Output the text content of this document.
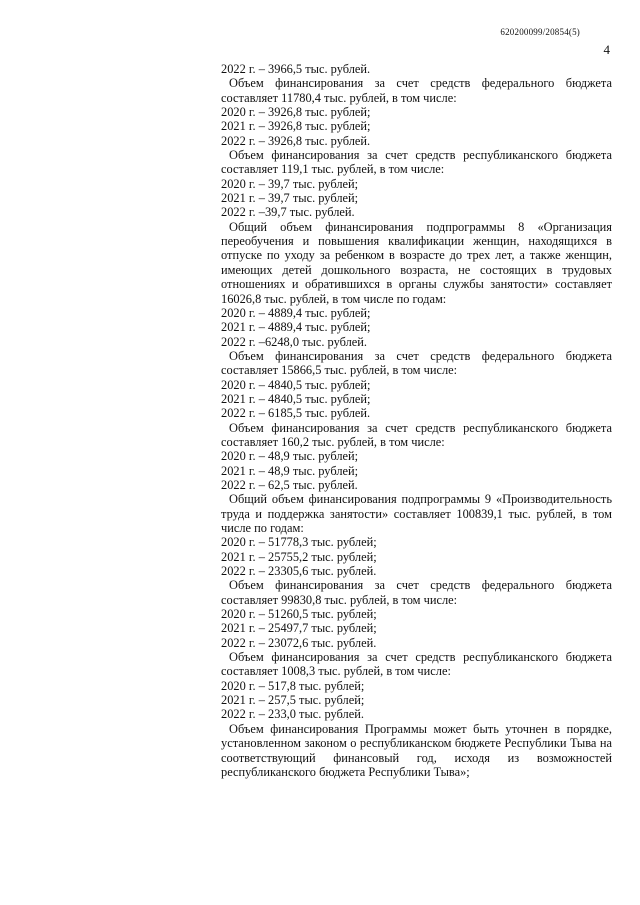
620200099/20854(5)
4

2022 г. – 3966,5 тыс. рублей.

Объем финансирования за счет средств федерального бюджета составляет 11780,4 тыс. рублей, в том числе:

2020 г. – 3926,8 тыс. рублей;

2021 г. – 3926,8 тыс. рублей;

2022 г. – 3926,8 тыс. рублей.

Объем финансирования за счет средств республиканского бюджета составляет 119,1 тыс. рублей, в том числе:

2020 г. – 39,7 тыс. рублей;

2021 г. – 39,7 тыс. рублей;

2022 г. –39,7 тыс. рублей.

Общий объем финансирования подпрограммы 8 «Организация переобучения и повышения квалификации женщин, находящихся в отпуске по уходу за ребенком в возрасте до трех лет, а также женщин, имеющих детей дошкольного возраста, не состоящих в трудовых отношениях и обратившихся в органы службы занятости» составляет 16026,8 тыс. рублей, в том числе по годам:

2020 г. – 4889,4 тыс. рублей;

2021 г. – 4889,4 тыс. рублей;

2022 г. –6248,0 тыс. рублей.

Объем финансирования за счет средств федерального бюджета составляет 15866,5 тыс. рублей, в том числе:

2020 г. – 4840,5 тыс. рублей;

2021 г. – 4840,5 тыс. рублей;

2022 г. – 6185,5 тыс. рублей.

Объем финансирования за счет средств республиканского бюджета составляет 160,2 тыс. рублей, в том числе:

2020 г. – 48,9 тыс. рублей;

2021 г. – 48,9 тыс. рублей;

2022 г. – 62,5 тыс. рублей.

Общий объем финансирования подпрограммы 9 «Производительность труда и поддержка занятости» составляет 100839,1 тыс. рублей, в том числе по годам:

2020 г. – 51778,3 тыс. рублей;

2021 г. – 25755,2 тыс. рублей;

2022 г. – 23305,6 тыс. рублей.

Объем финансирования за счет средств федерального бюджета составляет 99830,8 тыс. рублей, в том числе:

2020 г. – 51260,5 тыс. рублей;

2021 г. – 25497,7 тыс. рублей;

2022 г. – 23072,6 тыс. рублей.

Объем финансирования за счет средств республиканского бюджета составляет 1008,3 тыс. рублей, в том числе:

2020 г. – 517,8 тыс. рублей;

2021 г. – 257,5 тыс. рублей;

2022 г. – 233,0 тыс. рублей.

Объем финансирования Программы может быть уточнен в порядке, установленном законом о республиканском бюджете Республики Тыва на соответствующий финансовый год, исходя из возможностей республиканского бюджета Республики Тыва»;
